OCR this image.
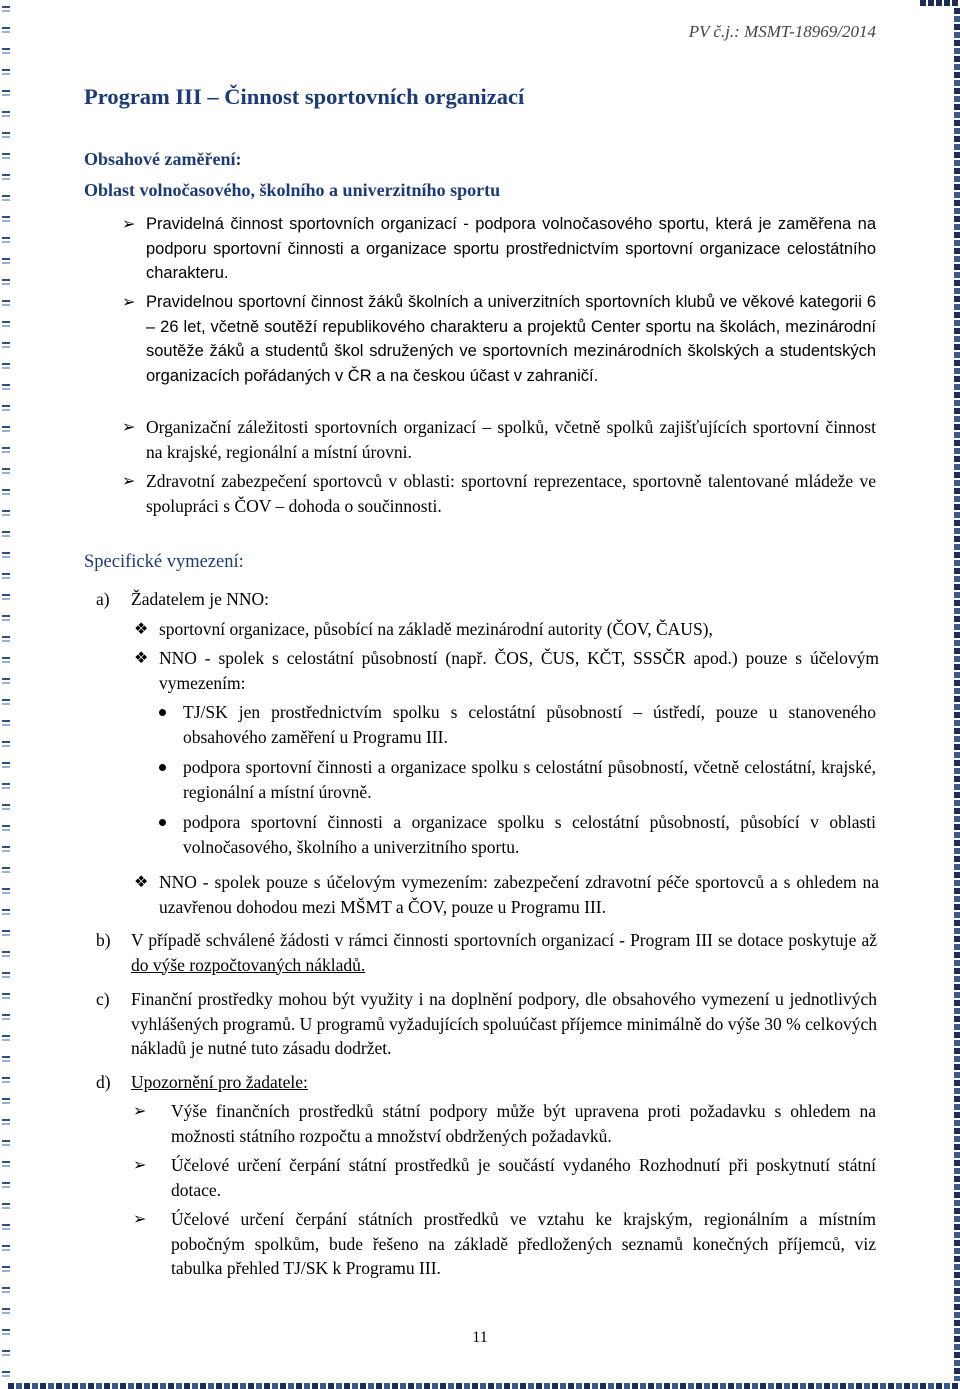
PV č.j.: MSMT-18969/2014
Program III – Činnost sportovních organizací
Obsahové zaměření:
Oblast volnočasového, školního a univerzitního sportu
➢ Pravidelná činnost sportovních organizací - podpora volnočasového sportu, která je zaměřena na podporu sportovní činnosti a organizace sportu prostřednictvím sportovní organizace celostátního charakteru.
➢ Pravidelnou sportovní činnost žáků školních a univerzitních sportovních klubů ve věkové kategorii 6 – 26 let, včetně soutěží republikového charakteru a projektů Center sportu na školách, mezinárodní soutěže žáků a studentů škol sdružených ve sportovních mezinárodních školských a studentských organizacích pořádaných v ČR a na českou účast v zahraničí.
➢ Organizační záležitosti sportovních organizací – spolků, včetně spolků zajišťujících sportovní činnost na krajské, regionální a místní úrovni.
➢ Zdravotní zabezpečení sportovců v oblasti: sportovní reprezentace, sportovně talentované mládeže ve spolupráci s ČOV – dohoda o součinnosti.
Specifické vymezení:
a) Žadatelem je NNO:
❖ sportovní organizace, působící na základě mezinárodní autority (ČOV, ČAUS),
❖ NNO - spolek s celostátní působností (např. ČOS, ČUS, KČT, SSSČR apod.) pouze s účelovým vymezením:
TJ/SK jen prostřednictvím spolku s celostátní působností – ústředí, pouze u stanoveného obsahového zaměření u Programu III.
podpora sportovní činnosti a organizace spolku s celostátní působností, včetně celostátní, krajské, regionální a místní úrovně.
podpora sportovní činnosti a organizace spolku s celostátní působností, působící v oblasti volnočasového, školního a univerzitního sportu.
❖ NNO - spolek pouze s účelovým vymezením: zabezpečení zdravotní péče sportovců a s ohledem na uzavřenou dohodou mezi MŠMT a ČOV, pouze u Programu III.
b) V případě schválené žádosti v rámci činnosti sportovních organizací - Program III se dotace poskytuje až do výše rozpočtovaných nákladů.
c) Finanční prostředky mohou být využity i na doplnění podpory, dle obsahového vymezení u jednotlivých vyhlášených programů. U programů vyžadujících spoluúčast příjemce minimálně do výše 30 % celkových nákladů je nutné tuto zásadu dodržet.
d) Upozornění pro žadatele:
➢ Výše finančních prostředků státní podpory může být upravena proti požadavku s ohledem na možnosti státního rozpočtu a množství obdržených požadavků.
➢ Účelové určení čerpání státní prostředků je součástí vydaného Rozhodnutí při poskytnutí státní dotace.
➢ Účelové určení čerpání státních prostředků ve vztahu ke krajským, regionálním a místním pobočným spolkům, bude řešeno na základě předložených seznamů konečných příjemců, viz tabulka přehled TJ/SK k Programu III.
11
